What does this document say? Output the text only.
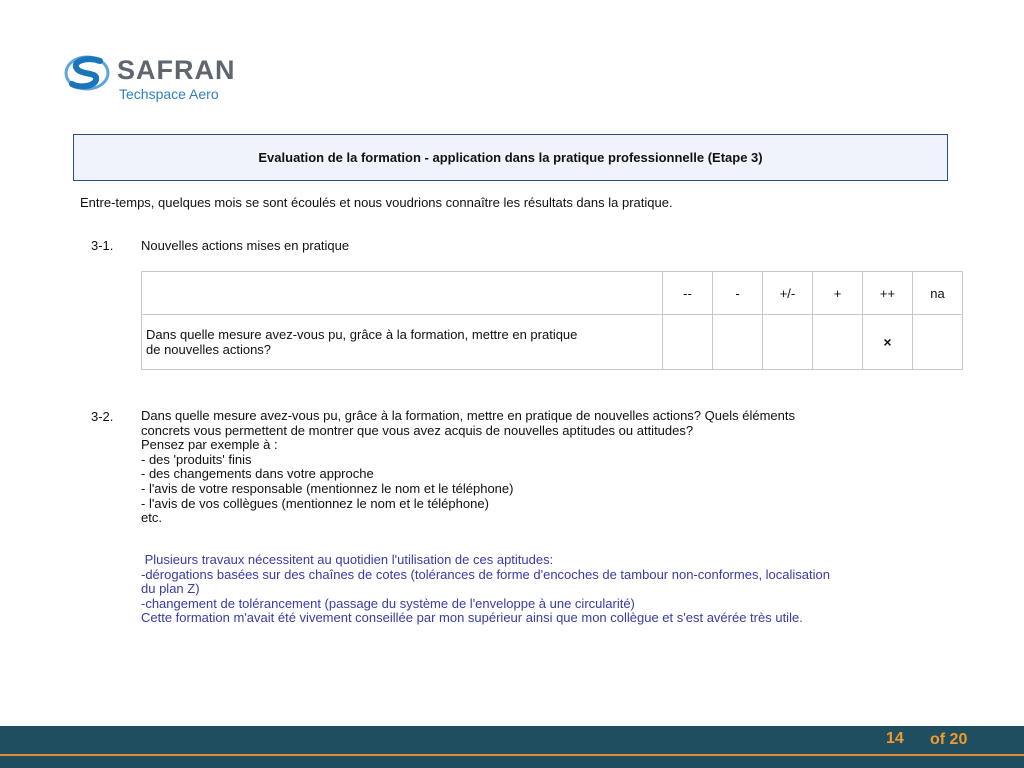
SAFRAN
Techspace Aero
Evaluation de la formation - application dans la pratique professionnelle (Etape 3)
Entre-temps, quelques mois se sont écoulés et nous voudrions connaître les résultats dans la pratique.
3-1. Nouvelles actions mises en pratique
	--	-	+/-	+	++	na

Dans quelle mesure avez-vous pu, grâce à la formation, mettre en pratique
de nouvelles actions?					×	
3-2. Dans quelle mesure avez-vous pu, grâce à la formation, mettre en pratique de nouvelles actions? Quels éléments
concrets vous permettent de montrer que vous avez acquis de nouvelles aptitudes ou attitudes?
Pensez par exemple à :
- des 'produits' finis
- des changements dans votre approche
- l'avis de votre responsable (mentionnez le nom et le téléphone)
- l'avis de vos collègues (mentionnez le nom et le téléphone)
etc.
Plusieurs travaux nécessitent au quotidien l'utilisation de ces aptitudes:
-dérogations basées sur des chaînes de cotes (tolérances de forme d'encoches de tambour non-conformes, localisation
du plan Z)
-changement de tolérancement (passage du système de l'enveloppe à une circularité)
Cette formation m'avait été vivement conseillée par mon supérieur ainsi que mon collègue et s'est avérée très utile.
14 of 20
